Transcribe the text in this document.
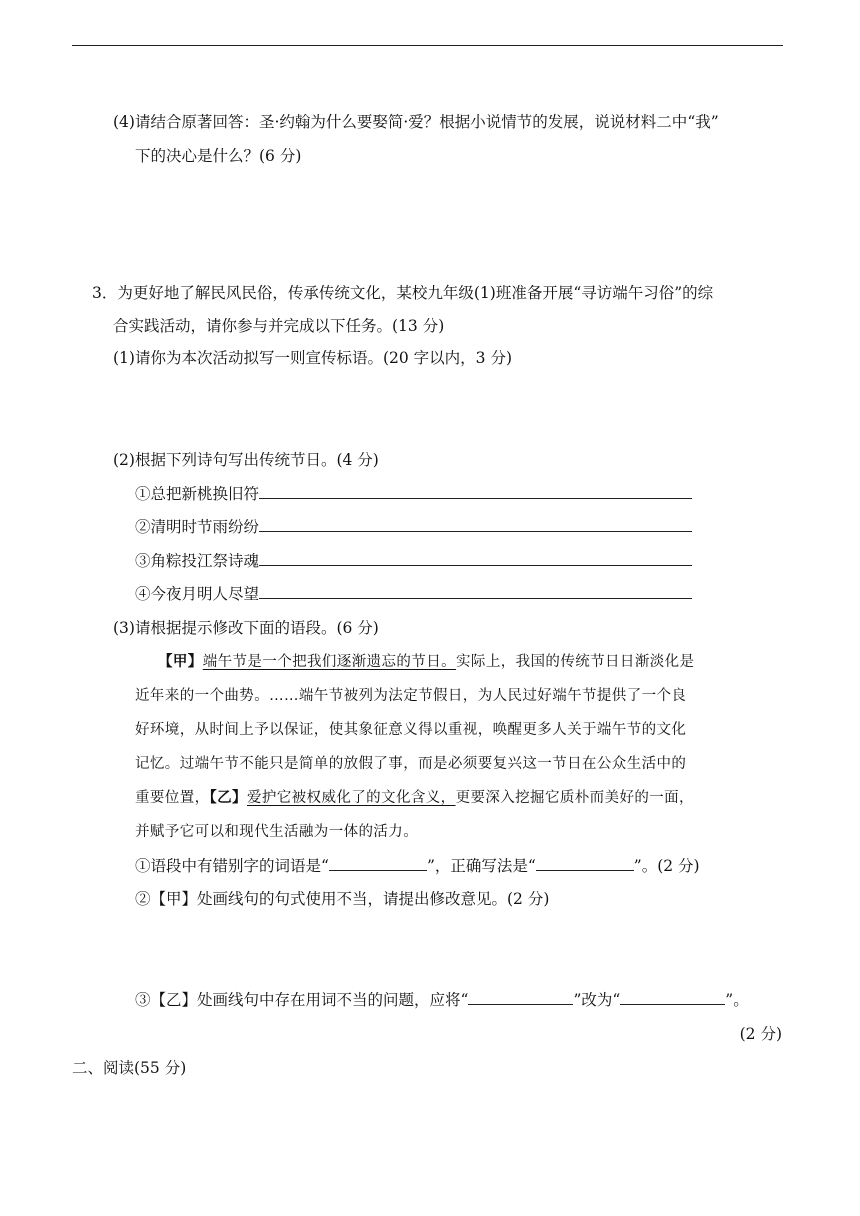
(4)请结合原著回答：圣·约翰为什么要娶简·爱？根据小说情节的发展，说说材料二中“我”
下的决心是什么？(6 分)
3．为更好地了解民风民俗，传承传统文化，某校九年级(1)班准备开展“寻访端午习俗”的综
合实践活动，请你参与并完成以下任务。(13 分)
(1)请你为本次活动拟写一则宣传标语。(20 字以内，3 分)
(2)根据下列诗句写出传统节日。(4 分)
①总把新桃换旧符
②清明时节雨纷纷
③角粽投江祭诗魂
④今夜月明人尽望
(3)请根据提示修改下面的语段。(6 分)
【甲】端午节是一个把我们逐渐遗忘的节日。实际上，我国的传统节日日渐淡化是
近年来的一个曲势。……端午节被列为法定节假日，为人民过好端午节提供了一个良
好环境，从时间上予以保证，使其象征意义得以重视，唤醒更多人关于端午节的文化
记忆。过端午节不能只是简单的放假了事，而是必须要复兴这一节日在公众生活中的
重要位置，【乙】爱护它被权威化了的文化含义，更要深入挖掘它质朴而美好的一面，
并赋予它可以和现代生活融为一体的活力。
①语段中有错别字的词语是“	”，正确写法是“	”。(2 分)
②【甲】处画线句的句式使用不当，请提出修改意见。(2 分)
③【乙】处画线句中存在用词不当的问题，应将“	”改为“	”。
(2 分)
二、阅读(55 分)
